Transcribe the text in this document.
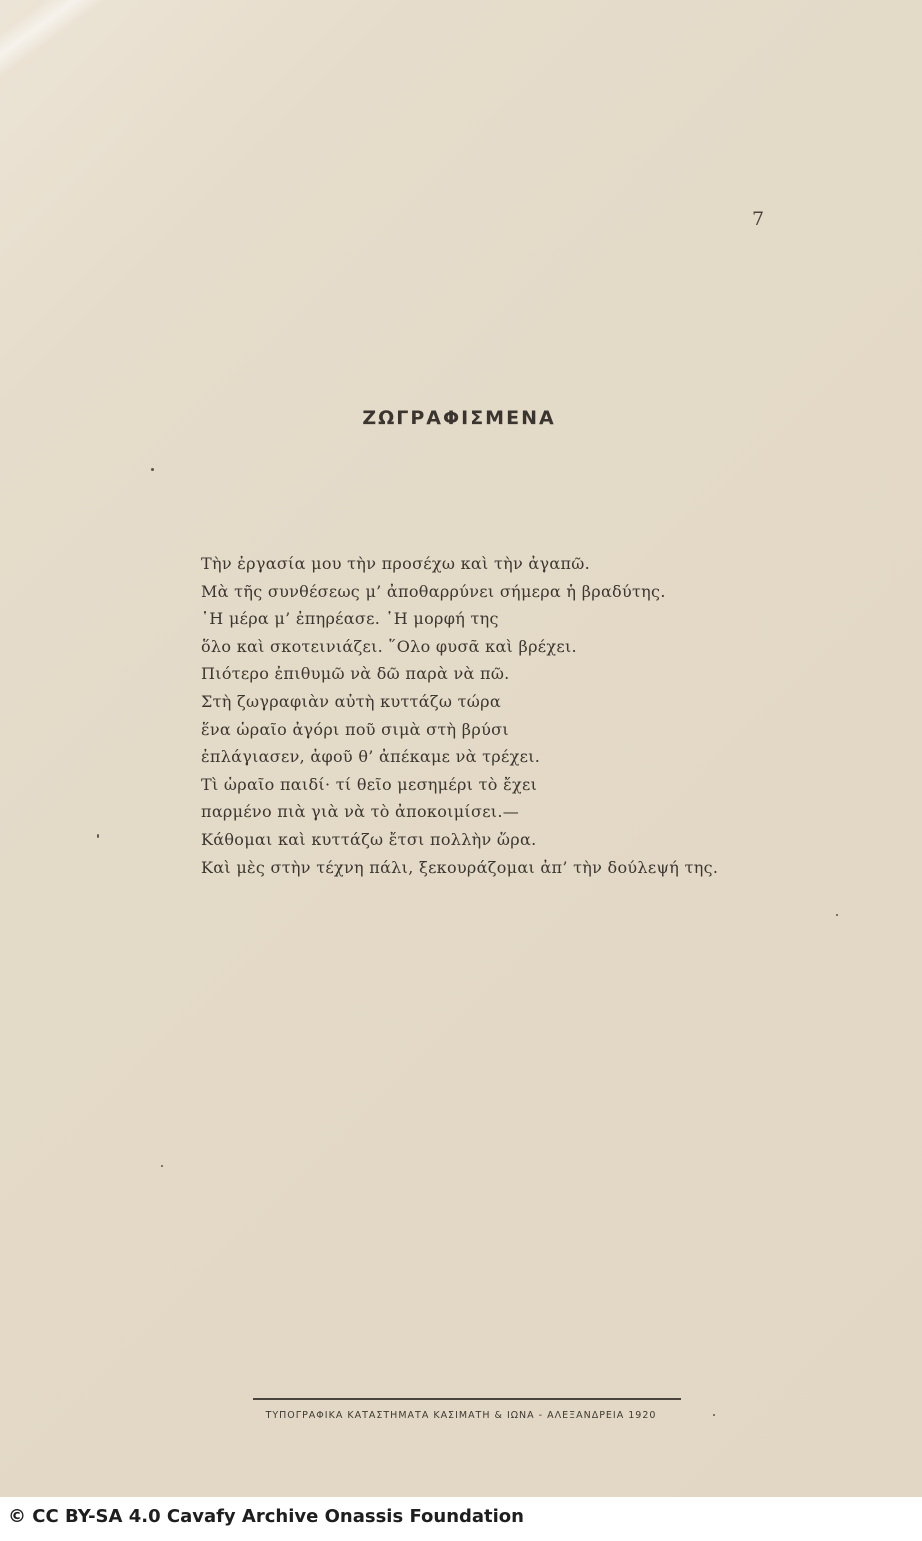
7
ΖΩΓΡΑΦΙΣΜΕΝΑ
Τὴν ἐργασία μου τὴν προσέχω καὶ τὴν ἀγαπῶ.
Μὰ τῆς συνθέσεως μ’ ἀποθαρρύνει σήμερα ἡ βραδύτης.
῾Η μέρα μ’ ἐπηρέασε. ῾Η μορφή της
ὅλο καὶ σκοτεινιάζει. ῞Ολο φυσᾶ καὶ βρέχει.
Πιότερο ἐπιθυμῶ νὰ δῶ παρὰ νὰ πῶ.
Στὴ ζωγραφιὰν αὐτὴ κυττάζω τώρα
ἕνα ὡραῖο ἀγόρι ποῦ σιμὰ στὴ βρύσι
ἐπλάγιασεν, ἀφοῦ θ’ ἀπέκαμε νὰ τρέχει.
Τὶ ὡραῖο παιδί· τί θεῖο μεσημέρι τὸ ἔχει
παρμένο πιὰ γιὰ νὰ τὸ ἀποκοιμίσει.—
Κάθομαι καὶ κυττάζω ἔτσι πολλὴν ὥρα.
Καὶ μὲς στὴν τέχνη πάλι, ξεκουράζομαι ἀπ’ τὴν δούλεψή της.
ΤΥΠΟΓΡΑΦΙΚΑ ΚΑΤΑΣΤΗΜΑΤΑ ΚΑΣΙΜΑΤΗ & ΙΩΝΑ - ΑΛΕΞΑΝΔΡΕΙΑ 1920
© CC BY-SA 4.0 Cavafy Archive Onassis Foundation
